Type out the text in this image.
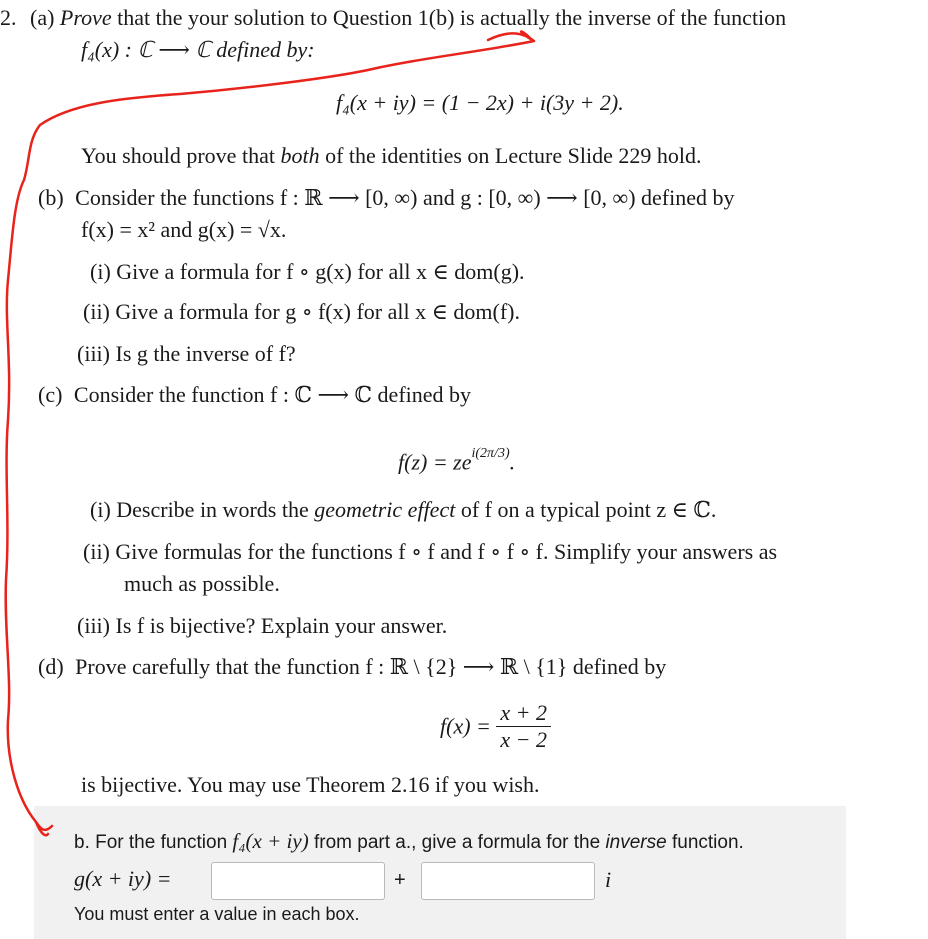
2. (a) Prove that the your solution to Question 1(b) is actually the inverse of the function
f₄(x) : ℂ ⟶ ℂ defined by:
f₄(x + iy) = (1 − 2x) + i(3y + 2).
You should prove that both of the identities on Lecture Slide 229 hold.
(b) Consider the functions f : ℝ ⟶ [0, ∞) and g : [0, ∞) ⟶ [0, ∞) defined by
f(x) = x² and g(x) = √x.
(i) Give a formula for f ∘ g(x) for all x ∈ dom(g).
(ii) Give a formula for g ∘ f(x) for all x ∈ dom(f).
(iii) Is g the inverse of f?
(c) Consider the function f : ℂ ⟶ ℂ defined by
$f(z) = ze^{i(2\pi/3)}$.
(i) Describe in words the geometric effect of f on a typical point z ∈ ℂ.
(ii) Give formulas for the functions f ∘ f and f ∘ f ∘ f. Simplify your answers as
much as possible.
(iii) Is f is bijective? Explain your answer.
(d) Prove carefully that the function f : ℝ \ {2} ⟶ ℝ \ {1} defined by
$f(x) = \frac{x + 2}{x - 2}$
is bijective. You may use Theorem 2.16 if you wish.
b. For the function f₄(x + iy) from part a., give a formula for the inverse function.
g(x + iy) =	+	i
You must enter a value in each box.
